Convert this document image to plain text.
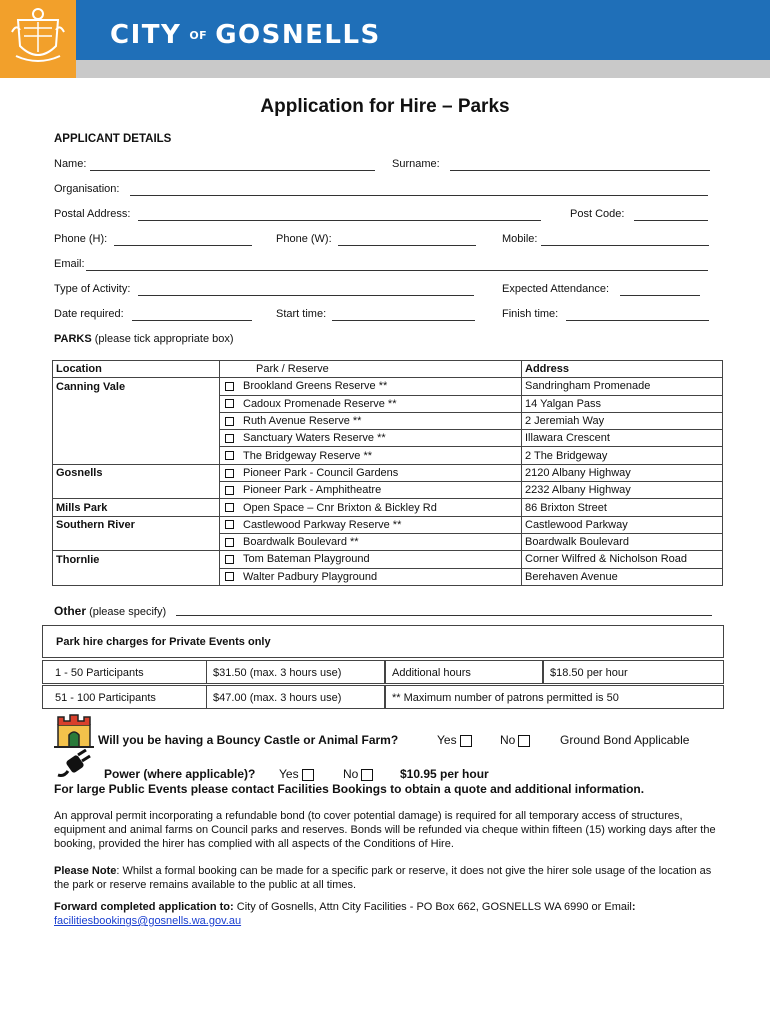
CITY OF GOSNELLS
Application for Hire – Parks
APPLICANT DETAILS
Name:	Surname:
Organisation:
Postal Address:	Post Code:
Phone (H):	Phone (W):	Mobile:
Email:
Type of Activity:	Expected Attendance:
Date required:	Start time:	Finish time:
PARKS (please tick appropriate box)
Location	Park / Reserve	Address
Canning Vale	Brookland Greens Reserve **	Sandringham Promenade
	Cadoux Promenade Reserve **	14 Yalgan Pass
	Ruth Avenue Reserve **	2 Jeremiah Way
	Sanctuary Waters Reserve **	Illawara Crescent
	The Bridgeway Reserve **	2 The Bridgeway
Gosnells	Pioneer Park - Council Gardens	2120 Albany Highway
	Pioneer Park - Amphitheatre	2232 Albany Highway
Mills Park	Open Space – Cnr Brixton & Bickley Rd	86 Brixton Street
Southern River	Castlewood Parkway Reserve **	Castlewood Parkway
	Boardwalk Boulevard **	Boardwalk Boulevard
Thornlie	Tom Bateman Playground	Corner Wilfred & Nicholson Road
	Walter Padbury Playground	Berehaven Avenue
Other (please specify)
Park hire charges for Private Events only
1 - 50 Participants	$31.50 (max. 3 hours use)	Additional hours	$18.50 per hour
51 - 100 Participants	$47.00 (max. 3 hours use)	** Maximum number of patrons permitted is 50
Will you be having a Bouncy Castle or Animal Farm?	Yes	No	Ground Bond Applicable
Power (where applicable)? Yes	No	$10.95 per hour
For large Public Events please contact Facilities Bookings to obtain a quote and additional information.

An approval permit incorporating a refundable bond (to cover potential damage) is required for all temporary access of structures, equipment and animal farms on Council parks and reserves. Bonds will be refunded via cheque within fifteen (15) working days after the booking, provided the hirer has complied with all aspects of the Conditions of Hire.

Please Note: Whilst a formal booking can be made for a specific park or reserve, it does not give the hirer sole usage of the location as the park or reserve remains available to the public at all times.

Forward completed application to: City of Gosnells, Attn City Facilities - PO Box 662, GOSNELLS WA 6990 or Email:
facilitiesbookings@gosnells.wa.gov.au
